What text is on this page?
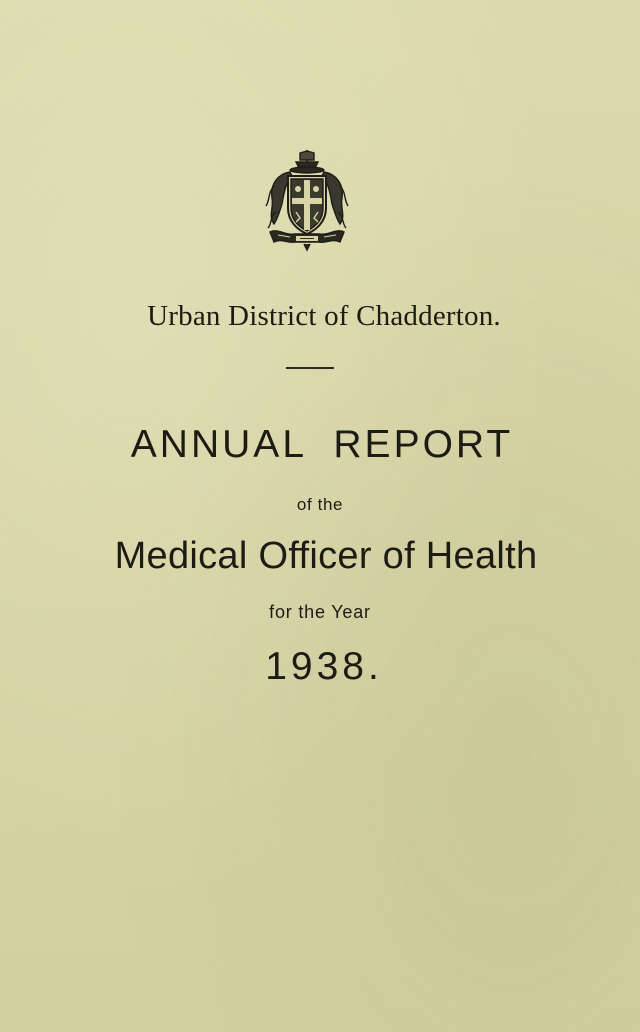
Urban District of Chadderton.

ANNUAL REPORT

of the

Medical Officer of Health

for the Year

1938.
